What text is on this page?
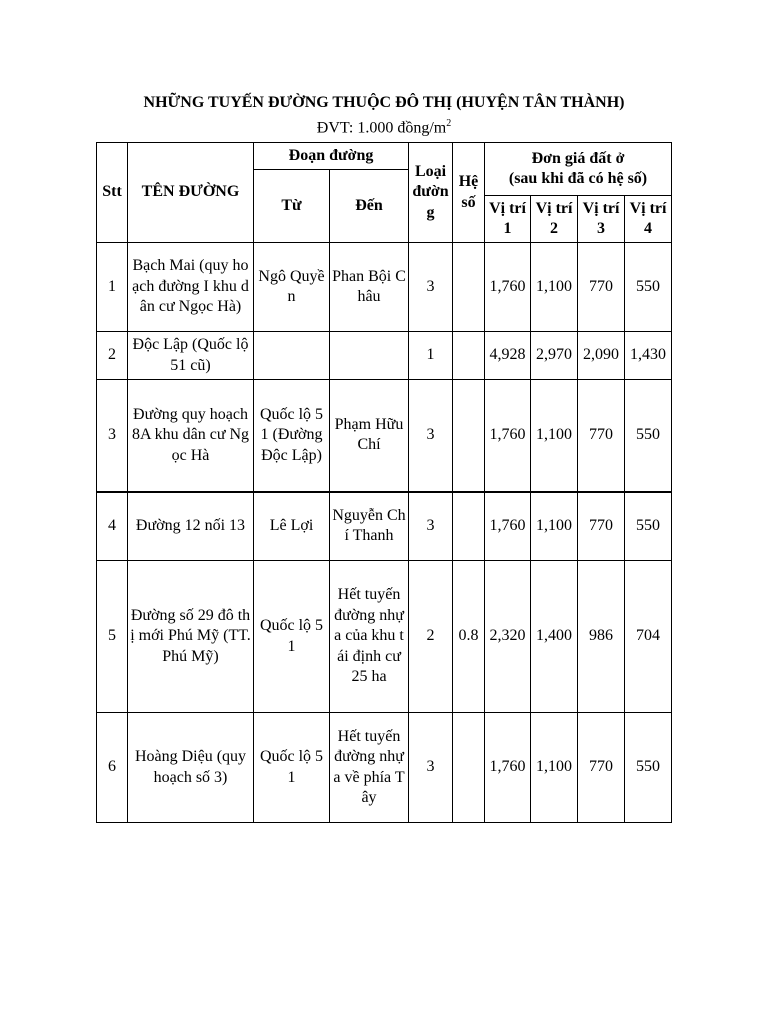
NHỮNG TUYẾN ĐƯỜNG THUỘC ĐÔ THỊ (HUYỆN TÂN THÀNH)
ĐVT: 1.000 đồng/$m^2$
Stt	TÊN ĐƯỜNG	Đoạn đường		Loại đường	Hệ số	Đơn giá đất ở
(sau khi đã có hệ số)			

		Từ	Đến						
						Vị trí 1	Vị trí 2	Vị trí 3	Vị trí 4
1	Bạch Mai (quy hoạch đường I khu dân cư Ngọc Hà)	Ngô Quyền	Phan Bội Châu	3		1,760	1,100	770	550
2	Độc Lập (Quốc lộ 51 cũ)			1		4,928	2,970	2,090	1,430
3	Đường quy hoạch 8A khu dân cư Ngọc Hà	Quốc lộ 51 (Đường Độc Lập)	Phạm Hữu Chí	3		1,760	1,100	770	550
4	Đường 12 nối 13	Lê Lợi	Nguyễn Chí Thanh	3		1,760	1,100	770	550
5	Đường số 29 đô thị mới Phú Mỹ (TT. Phú Mỹ)	Quốc lộ 51	Hết tuyến đường nhựa của khu tái định cư 25 ha	2	0.8	2,320	1,400	986	704
6	Hoàng Diệu (quy hoạch số 3)	Quốc lộ 51	Hết tuyến đường nhựa về phía Tây	3		1,760	1,100	770	550
